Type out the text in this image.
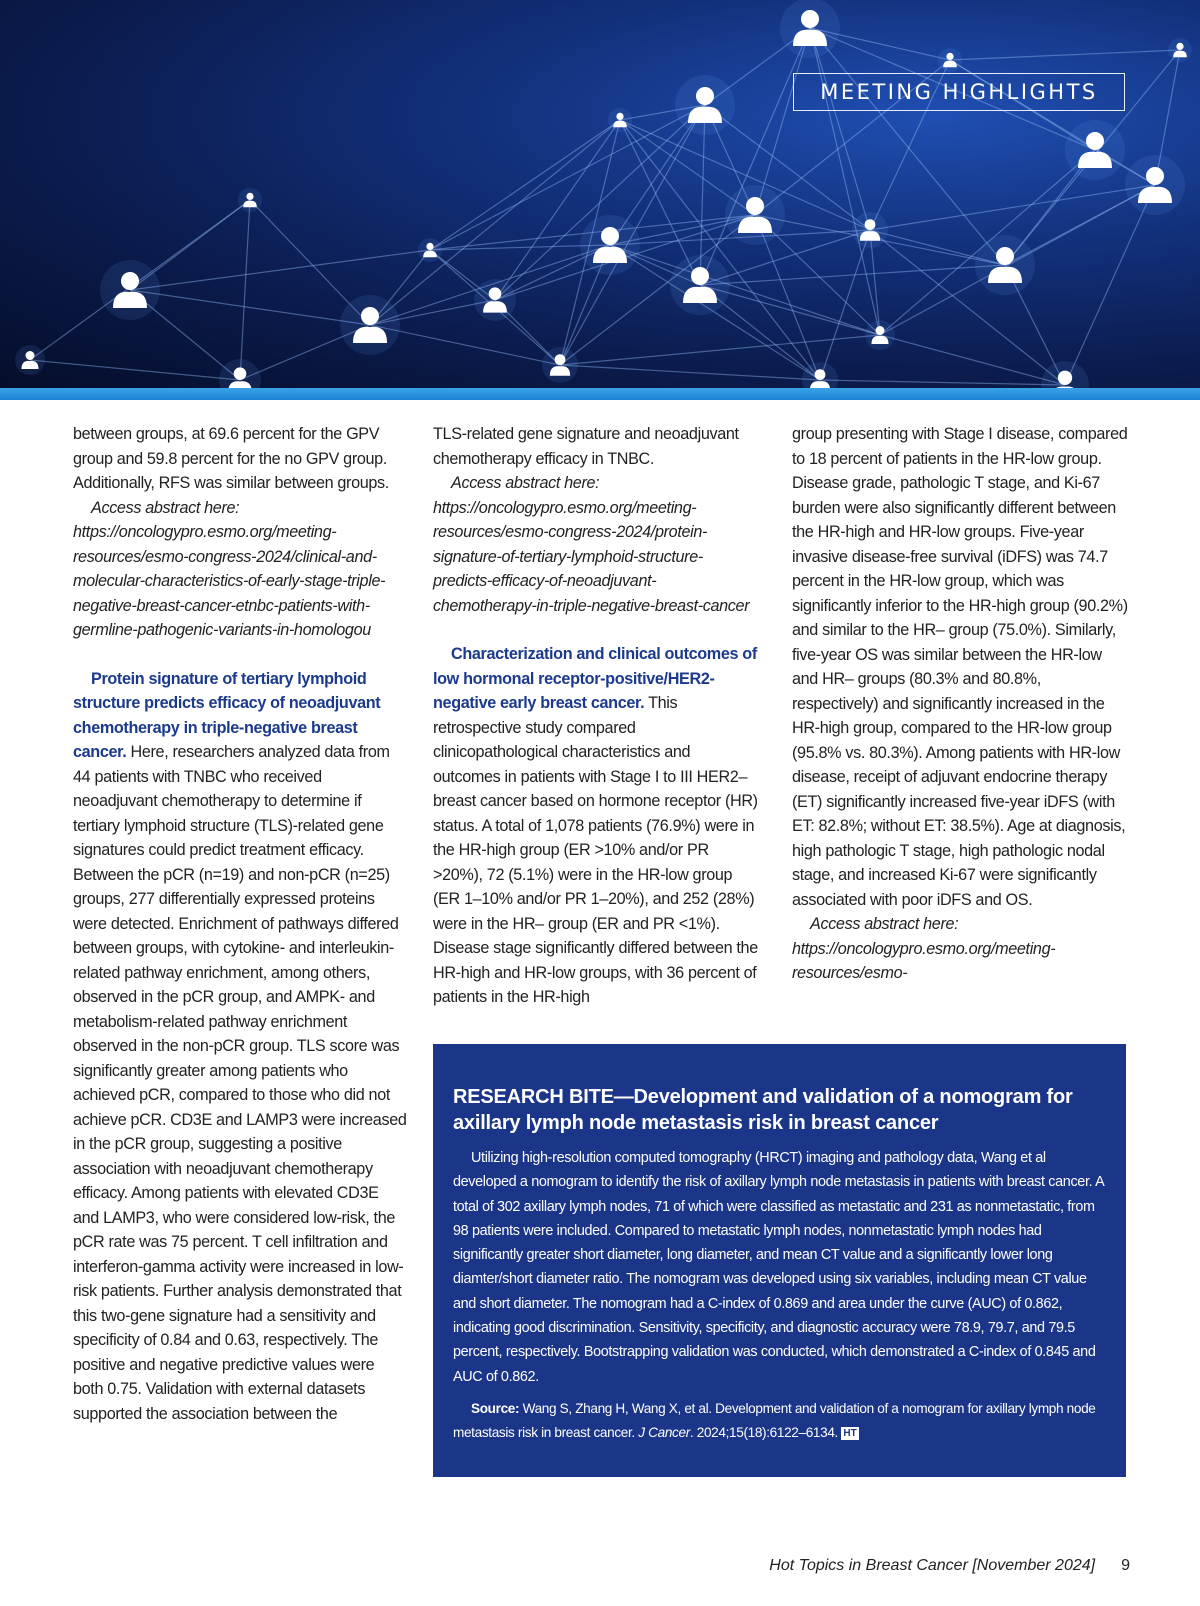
MEETING HIGHLIGHTS

between groups, at 69.6 percent for the GPV group and 59.8 percent for the no GPV group. Additionally, RFS was similar between groups.

Access abstract here: https://oncologypro.esmo.org/meeting-resources/esmo-congress-2024/clinical-and-molecular-characteristics-of-early-stage-triple-negative-breast-cancer-etnbc-patients-with-germline-pathogenic-variants-in-homologou

Protein signature of tertiary lymphoid structure predicts efficacy of neoadjuvant chemotherapy in triple-negative breast cancer. Here, researchers analyzed data from 44 patients with TNBC who received neoadjuvant chemotherapy to determine if tertiary lymphoid structure (TLS)-related gene signatures could predict treatment efficacy. Between the pCR (n=19) and non-pCR (n=25) groups, 277 differentially expressed proteins were detected. Enrichment of pathways differed between groups, with cytokine- and interleukin-related pathway enrichment, among others, observed in the pCR group, and AMPK- and metabolism-related pathway enrichment observed in the non-pCR group. TLS score was significantly greater among patients who achieved pCR, compared to those who did not achieve pCR. CD3E and LAMP3 were increased in the pCR group, suggesting a positive association with neoadjuvant chemotherapy efficacy. Among patients with elevated CD3E and LAMP3, who were considered low-risk, the pCR rate was 75 percent. T cell infiltration and interferon-gamma activity were increased in low-risk patients. Further analysis demonstrated that this two-gene signature had a sensitivity and specificity of 0.84 and 0.63, respectively. The positive and negative predictive values were both 0.75. Validation with external datasets supported the association between the

TLS-related gene signature and neoadjuvant chemotherapy efficacy in TNBC.

Access abstract here: https://oncologypro.esmo.org/meeting-resources/esmo-congress-2024/protein-signature-of-tertiary-lymphoid-structure-predicts-efficacy-of-neoadjuvant-chemotherapy-in-triple-negative-breast-cancer

Characterization and clinical outcomes of low hormonal receptor-positive/HER2-negative early breast cancer. This retrospective study compared clinicopathological characteristics and outcomes in patients with Stage I to III HER2– breast cancer based on hormone receptor (HR) status. A total of 1,078 patients (76.9%) were in the HR-high group (ER >10% and/or PR >20%), 72 (5.1%) were in the HR-low group (ER 1–10% and/or PR 1–20%), and 252 (28%) were in the HR– group (ER and PR <1%). Disease stage significantly differed between the HR-high and HR-low groups, with 36 percent of patients in the HR-high

group presenting with Stage I disease, compared to 18 percent of patients in the HR-low group. Disease grade, pathologic T stage, and Ki-67 burden were also significantly different between the HR-high and HR-low groups. Five-year invasive disease-free survival (iDFS) was 74.7 percent in the HR-low group, which was significantly inferior to the HR-high group (90.2%) and similar to the HR– group (75.0%). Similarly, five-year OS was similar between the HR-low and HR– groups (80.3% and 80.8%, respectively) and significantly increased in the HR-high group, compared to the HR-low group (95.8% vs. 80.3%). Among patients with HR-low disease, receipt of adjuvant endocrine therapy (ET) significantly increased five-year iDFS (with ET: 82.8%; without ET: 38.5%). Age at diagnosis, high pathologic T stage, high pathologic nodal stage, and increased Ki-67 were significantly associated with poor iDFS and OS.

Access abstract here: https://oncologypro.esmo.org/meeting-resources/esmo-

RESEARCH BITE—Development and validation of a nomogram for axillary lymph node metastasis risk in breast cancer

Utilizing high-resolution computed tomography (HRCT) imaging and pathology data, Wang et al developed a nomogram to identify the risk of axillary lymph node metastasis in patients with breast cancer. A total of 302 axillary lymph nodes, 71 of which were classified as metastatic and 231 as nonmetastatic, from 98 patients were included. Compared to metastatic lymph nodes, nonmetastatic lymph nodes had significantly greater short diameter, long diameter, and mean CT value and a significantly lower long diamter/short diameter ratio. The nomogram was developed using six variables, including mean CT value and short diameter. The nomogram had a C-index of 0.869 and area under the curve (AUC) of 0.862, indicating good discrimination. Sensitivity, specificity, and diagnostic accuracy were 78.9, 79.7, and 79.5 percent, respectively. Bootstrapping validation was conducted, which demonstrated a C-index of 0.845 and AUC of 0.862.

Source: Wang S, Zhang H, Wang X, et al. Development and validation of a nomogram for axillary lymph node metastasis risk in breast cancer. J Cancer. 2024;15(18):6122–6134. HT

Hot Topics in Breast Cancer [November 2024] 9
